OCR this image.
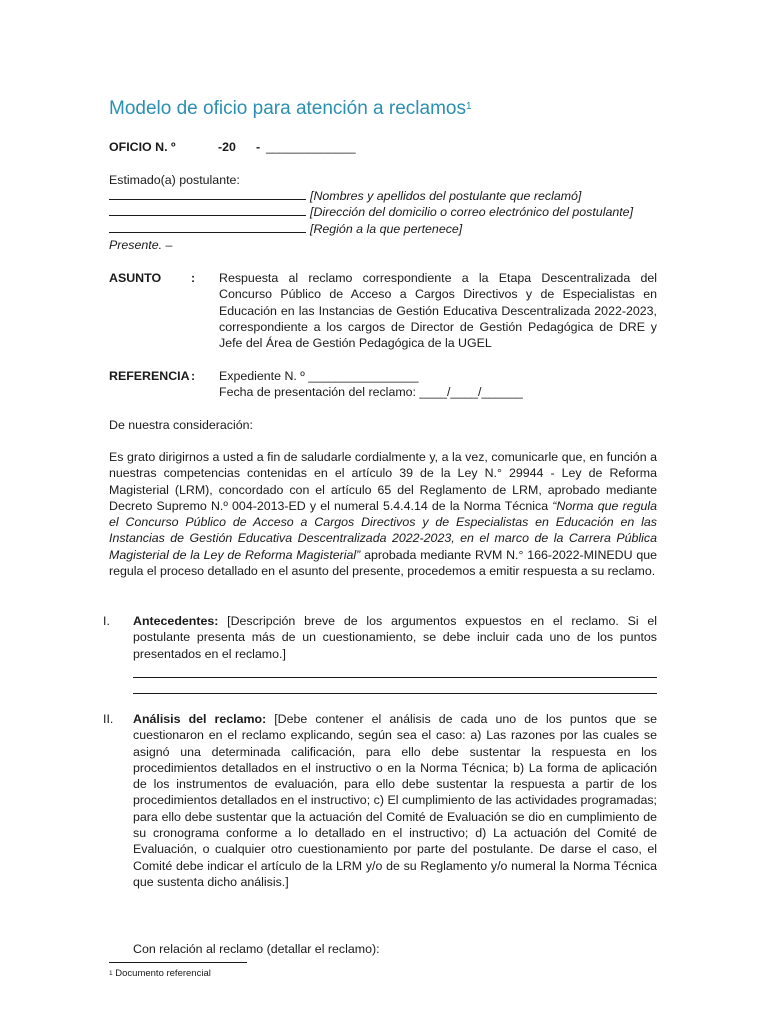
Modelo de oficio para atención a reclamos$^1$
OFICIO N. º	-20 - _____________
Estimado(a) postulante:
[Nombres y apellidos del postulante que reclamó]
[Dirección del domicilio o correo electrónico del postulante]
[Región a la que pertenece]
Presente. –
ASUNTO	:	Respuesta al reclamo correspondiente a la Etapa Descentralizada del Concurso Público de Acceso a Cargos Directivos y de Especialistas en Educación en las Instancias de Gestión Educativa Descentralizada 2022-2023, correspondiente a los cargos de Director de Gestión Pedagógica de DRE y Jefe del Área de Gestión Pedagógica de la UGEL
REFERENCIA :	Expediente N. º ________________
Fecha de presentación del reclamo: ____/____/______
De nuestra consideración:
Es grato dirigirnos a usted a fin de saludarle cordialmente y, a la vez, comunicarle que, en función a nuestras competencias contenidas en el artículo 39 de la Ley N.° 29944 - Ley de Reforma Magisterial (LRM), concordado con el artículo 65 del Reglamento de LRM, aprobado mediante Decreto Supremo N.º 004-2013-ED y el numeral 5.4.4.14 de la Norma Técnica “Norma que regula el Concurso Público de Acceso a Cargos Directivos y de Especialistas en Educación en las Instancias de Gestión Educativa Descentralizada 2022-2023, en el marco de la Carrera Pública Magisterial de la Ley de Reforma Magisterial” aprobada mediante RVM N.° 166-2022-MINEDU que regula el proceso detallado en el asunto del presente, procedemos a emitir respuesta a su reclamo.
I.	Antecedentes: [Descripción breve de los argumentos expuestos en el reclamo. Si el postulante presenta más de un cuestionamiento, se debe incluir cada uno de los puntos presentados en el reclamo.]
II.	Análisis del reclamo: [Debe contener el análisis de cada uno de los puntos que se cuestionaron en el reclamo explicando, según sea el caso: a) Las razones por las cuales se asignó una determinada calificación, para ello debe sustentar la respuesta en los procedimientos detallados en el instructivo o en la Norma Técnica; b) La forma de aplicación de los instrumentos de evaluación, para ello debe sustentar la respuesta a partir de los procedimientos detallados en el instructivo; c) El cumplimiento de las actividades programadas; para ello debe sustentar que la actuación del Comité de Evaluación se dio en cumplimiento de su cronograma conforme a lo detallado en el instructivo; d) La actuación del Comité de Evaluación, o cualquier otro cuestionamiento por parte del postulante. De darse el caso, el Comité debe indicar el artículo de la LRM y/o de su Reglamento y/o numeral la Norma Técnica que sustenta dicho análisis.]
Con relación al reclamo (detallar el reclamo):
$^1$ Documento referencial
